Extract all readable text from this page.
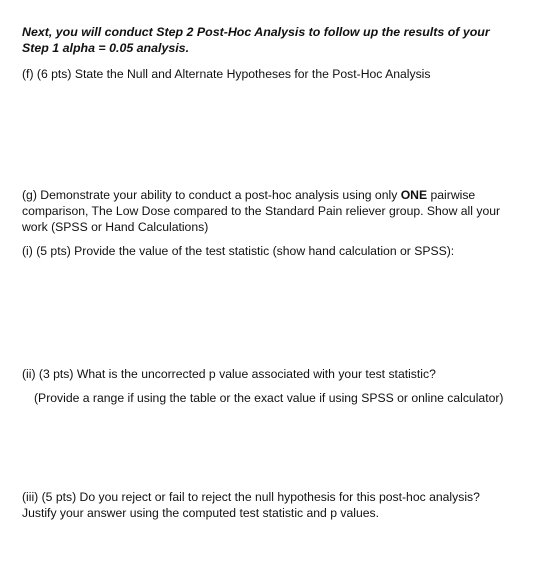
Next, you will conduct Step 2 Post-Hoc Analysis to follow up the results of your
Step 1 alpha = 0.05 analysis.
(f) (6 pts) State the Null and Alternate Hypotheses for the Post-Hoc Analysis
(g) Demonstrate your ability to conduct a post-hoc analysis using only ONE pairwise
comparison, The Low Dose compared to the Standard Pain reliever group. Show all your
work (SPSS or Hand Calculations)
(i) (5 pts) Provide the value of the test statistic (show hand calculation or SPSS):
(ii) (3 pts) What is the uncorrected p value associated with your test statistic?
(Provide a range if using the table or the exact value if using SPSS or online calculator)
(iii) (5 pts) Do you reject or fail to reject the null hypothesis for this post-hoc analysis?
Justify your answer using the computed test statistic and p values.
